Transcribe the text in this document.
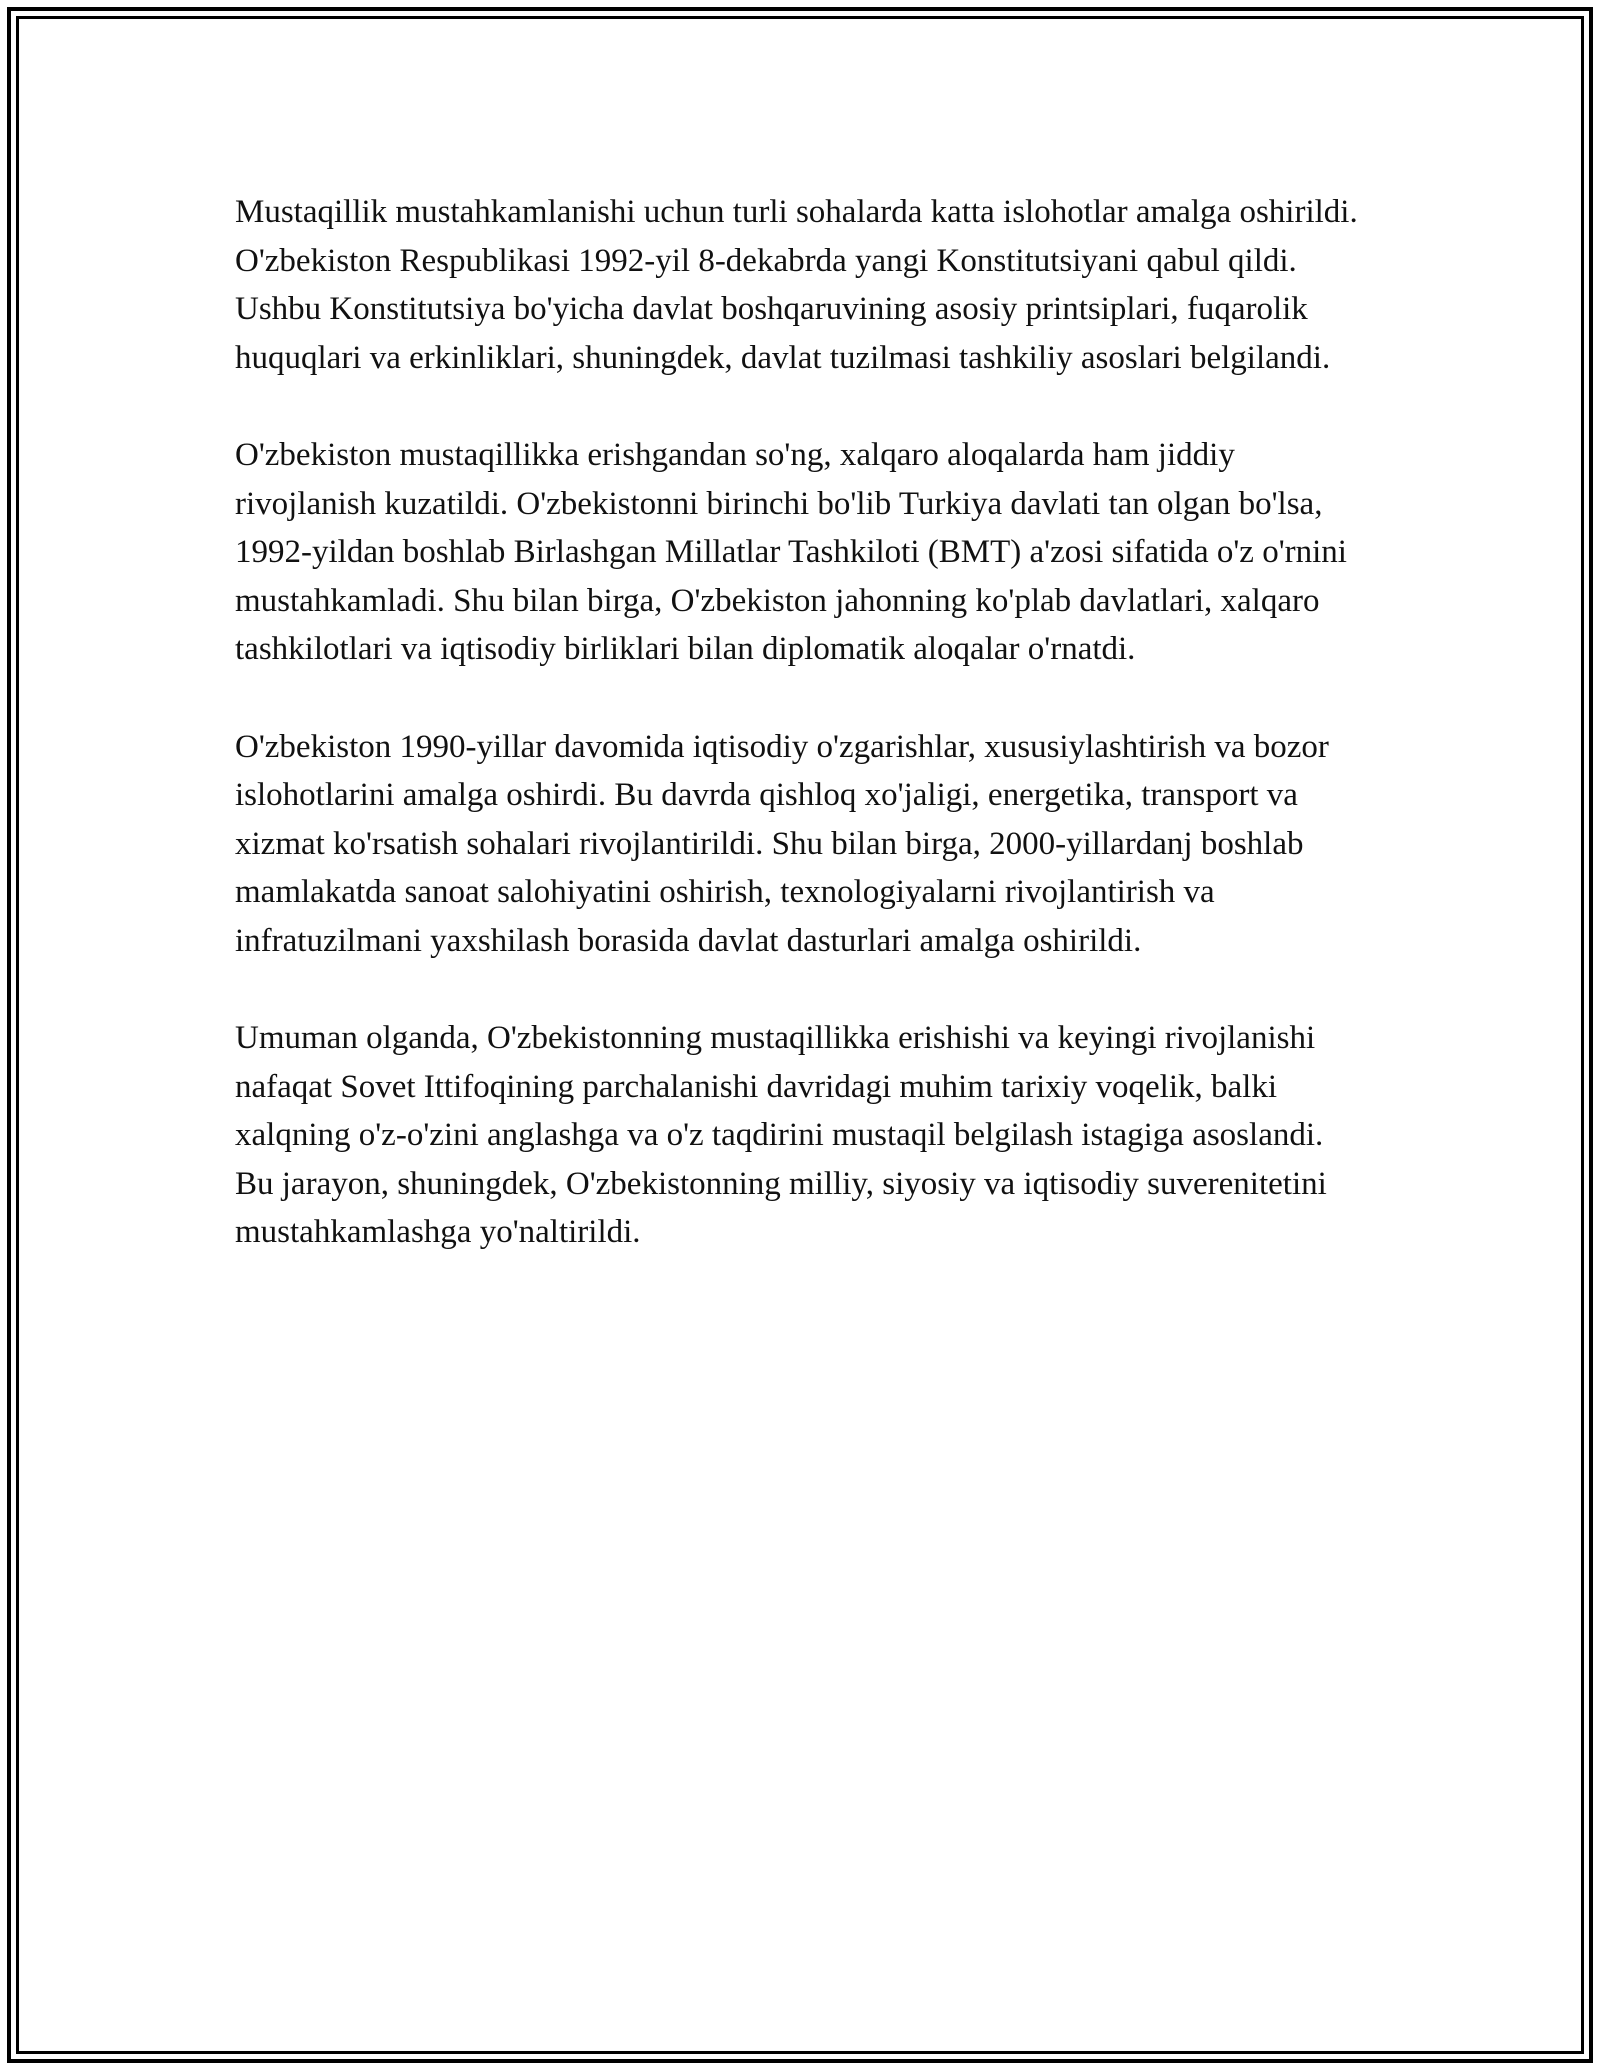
Mustaqillik mustahkamlanishi uchun turli sohalarda katta islohotlar amalga oshirildi. O'zbekiston Respublikasi 1992-yil 8-dekabrda yangi Konstitutsiyani qabul qildi. Ushbu Konstitutsiya bo'yicha davlat boshqaruvining asosiy printsiplari, fuqarolik huquqlari va erkinliklari, shuningdek, davlat tuzilmasi tashkiliy asoslari belgilandi.

O'zbekiston mustaqillikka erishgandan so'ng, xalqaro aloqalarda ham jiddiy rivojlanish kuzatildi. O'zbekistonni birinchi bo'lib Turkiya davlati tan olgan bo'lsa, 1992-yildan boshlab Birlashgan Millatlar Tashkiloti (BMT) a'zosi sifatida o'z o'rnini mustahkamladi. Shu bilan birga, O'zbekiston jahonning ko'plab davlatlari, xalqaro tashkilotlari va iqtisodiy birliklari bilan diplomatik aloqalar o'rnatdi.

O'zbekiston 1990-yillar davomida iqtisodiy o'zgarishlar, xususiylashtirish va bozor islohotlarini amalga oshirdi. Bu davrda qishloq xo'jaligi, energetika, transport va xizmat ko'rsatish sohalari rivojlantirildi. Shu bilan birga, 2000-yillardanj boshlab mamlakatda sanoat salohiyatini oshirish, texnologiyalarni rivojlantirish va infratuzilmani yaxshilash borasida davlat dasturlari amalga oshirildi.

Umuman olganda, O'zbekistonning mustaqillikka erishishi va keyingi rivojlanishi nafaqat Sovet Ittifoqining parchalanishi davridagi muhim tarixiy voqelik, balki xalqning o'z-o'zini anglashga va o'z taqdirini mustaqil belgilash istagiga asoslandi. Bu jarayon, shuningdek, O'zbekistonning milliy, siyosiy va iqtisodiy suverenitetini mustahkamlashga yo'naltirildi.
